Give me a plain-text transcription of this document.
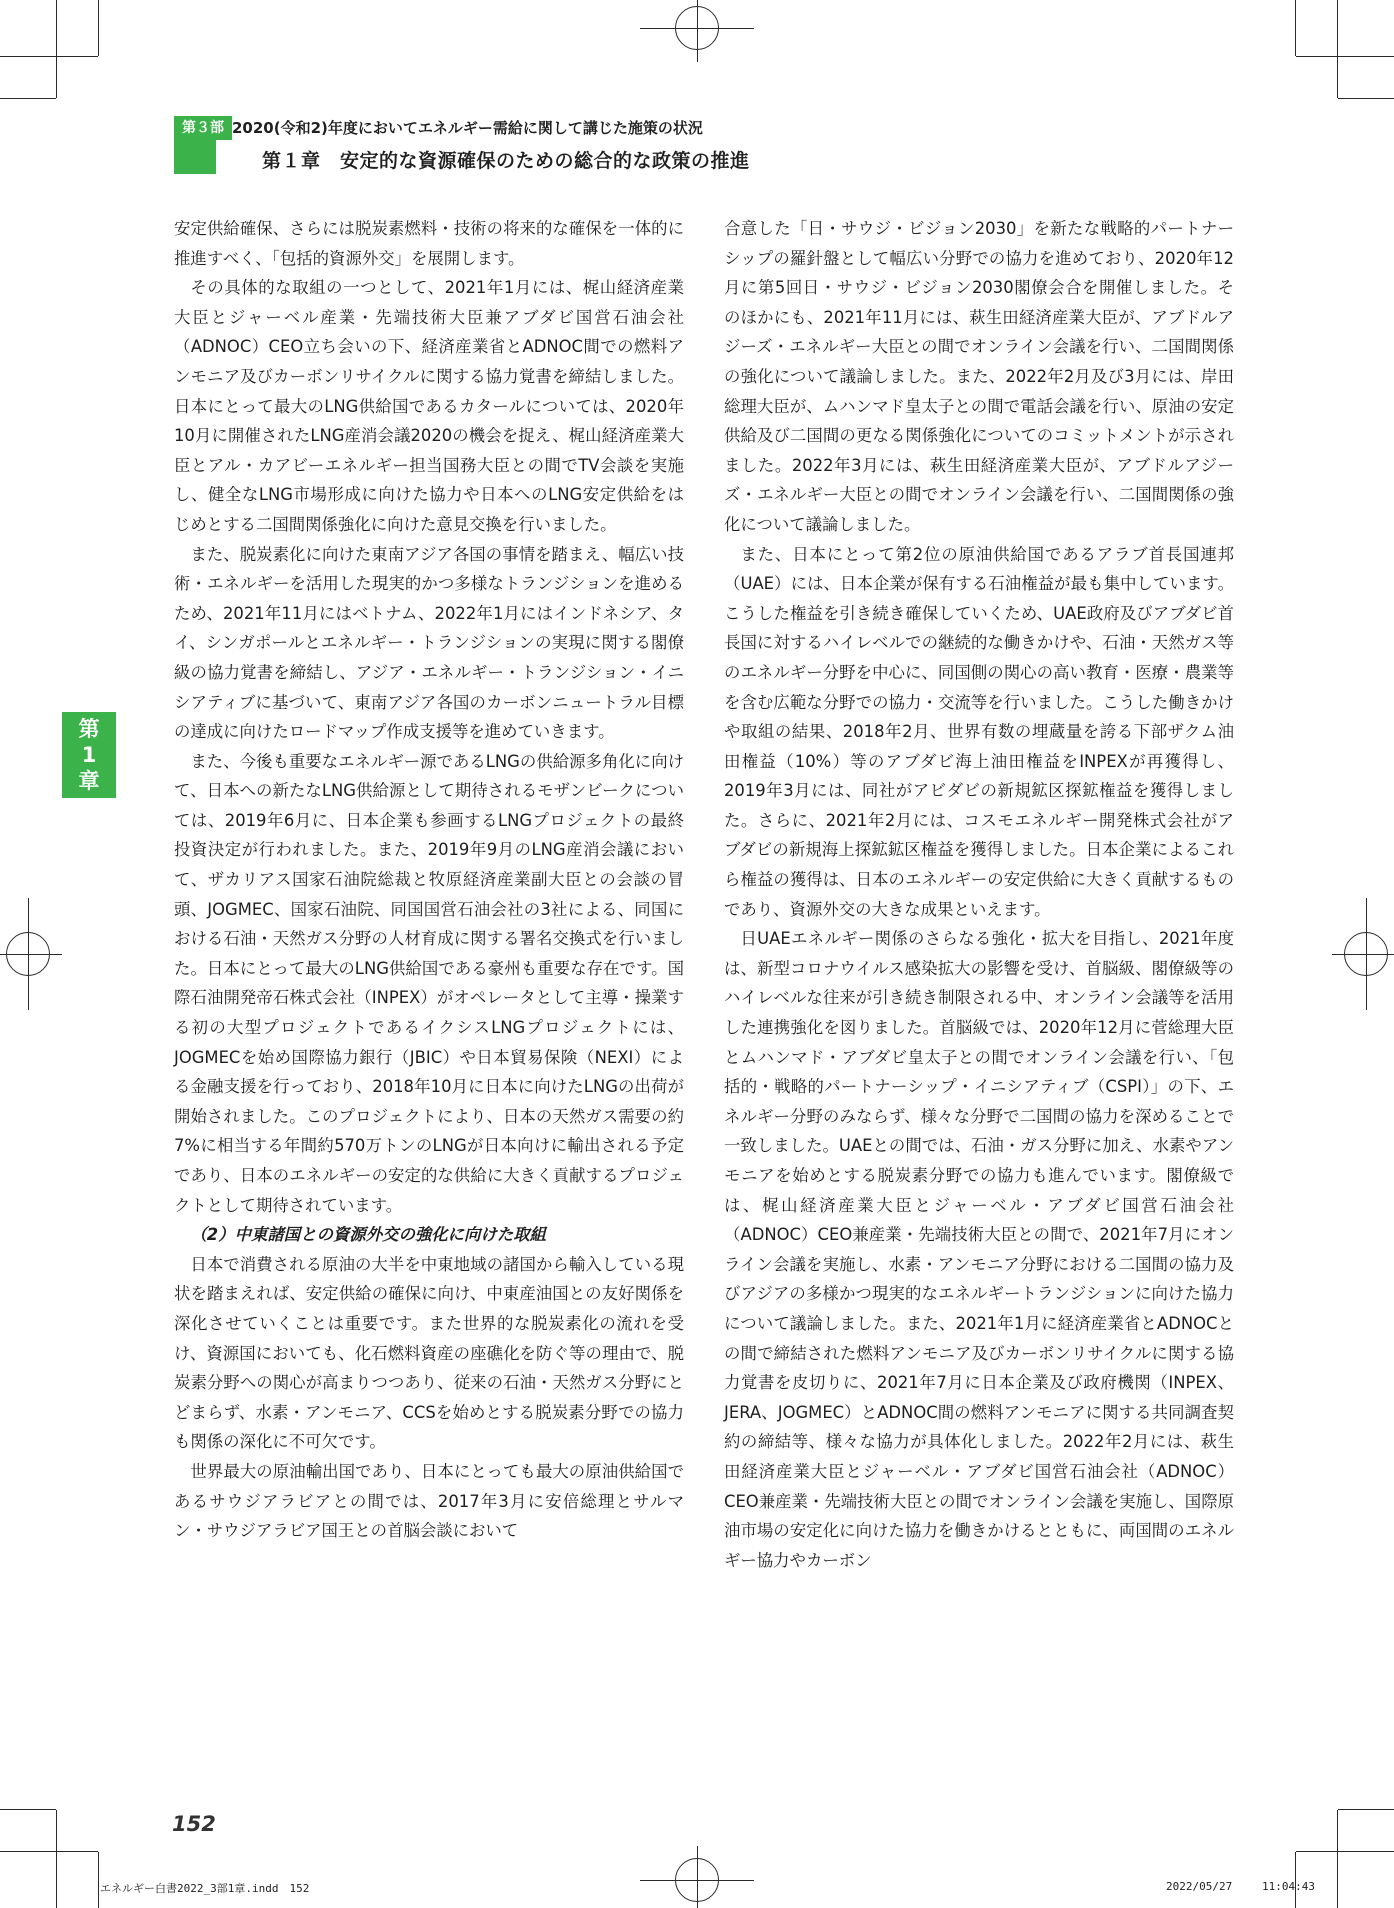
第３部 2020(令和2)年度においてエネルギー需給に関して講じた施策の状況
第１章　安定的な資源確保のための総合的な政策の推進
第
1
章

安定供給確保、さらには脱炭素燃料・技術の将来的な確保を一体的に推進すべく、「包括的資源外交」を展開します。

その具体的な取組の一つとして、2021年1月には、梶山経済産業大臣とジャーベル産業・先端技術大臣兼アブダビ国営石油会社（ADNOC）CEO立ち会いの下、経済産業省とADNOC間での燃料アンモニア及びカーボンリサイクルに関する協力覚書を締結しました。日本にとって最大のLNG供給国であるカタールについては、2020年10月に開催されたLNG産消会議2020の機会を捉え、梶山経済産業大臣とアル・カアビーエネルギー担当国務大臣との間でTV会談を実施し、健全なLNG市場形成に向けた協力や日本へのLNG安定供給をはじめとする二国間関係強化に向けた意見交換を行いました。

また、脱炭素化に向けた東南アジア各国の事情を踏まえ、幅広い技術・エネルギーを活用した現実的かつ多様なトランジションを進めるため、2021年11月にはベトナム、2022年1月にはインドネシア、タイ、シンガポールとエネルギー・トランジションの実現に関する閣僚級の協力覚書を締結し、アジア・エネルギー・トランジション・イニシアティブに基づいて、東南アジア各国のカーボンニュートラル目標の達成に向けたロードマップ作成支援等を進めていきます。

また、今後も重要なエネルギー源であるLNGの供給源多角化に向けて、日本への新たなLNG供給源として期待されるモザンビークについては、2019年6月に、日本企業も参画するLNGプロジェクトの最終投資決定が行われました。また、2019年9月のLNG産消会議において、ザカリアス国家石油院総裁と牧原経済産業副大臣との会談の冒頭、JOGMEC、国家石油院、同国国営石油会社の3社による、同国における石油・天然ガス分野の人材育成に関する署名交換式を行いました。日本にとって最大のLNG供給国である豪州も重要な存在です。国際石油開発帝石株式会社（INPEX）がオペレータとして主導・操業する初の大型プロジェクトであるイクシスLNGプロジェクトには、JOGMECを始め国際協力銀行（JBIC）や日本貿易保険（NEXI）による金融支援を行っており、2018年10月に日本に向けたLNGの出荷が開始されました。このプロジェクトにより、日本の天然ガス需要の約7%に相当する年間約570万トンのLNGが日本向けに輸出される予定であり、日本のエネルギーの安定的な供給に大きく貢献するプロジェクトとして期待されています。

（2）中東諸国との資源外交の強化に向けた取組

日本で消費される原油の大半を中東地域の諸国から輸入している現状を踏まえれば、安定供給の確保に向け、中東産油国との友好関係を深化させていくことは重要です。また世界的な脱炭素化の流れを受け、資源国においても、化石燃料資産の座礁化を防ぐ等の理由で、脱炭素分野への関心が高まりつつあり、従来の石油・天然ガス分野にとどまらず、水素・アンモニア、CCSを始めとする脱炭素分野での協力も関係の深化に不可欠です。

世界最大の原油輸出国であり、日本にとっても最大の原油供給国であるサウジアラビアとの間では、2017年3月に安倍総理とサルマン・サウジアラビア国王との首脳会談において

合意した「日・サウジ・ビジョン2030」を新たな戦略的パートナーシップの羅針盤として幅広い分野での協力を進めており、2020年12月に第5回日・サウジ・ビジョン2030閣僚会合を開催しました。そのほかにも、2021年11月には、萩生田経済産業大臣が、アブドルアジーズ・エネルギー大臣との間でオンライン会議を行い、二国間関係の強化について議論しました。また、2022年2月及び3月には、岸田総理大臣が、ムハンマド皇太子との間で電話会議を行い、原油の安定供給及び二国間の更なる関係強化についてのコミットメントが示されました。2022年3月には、萩生田経済産業大臣が、アブドルアジーズ・エネルギー大臣との間でオンライン会議を行い、二国間関係の強化について議論しました。

また、日本にとって第2位の原油供給国であるアラブ首長国連邦（UAE）には、日本企業が保有する石油権益が最も集中しています。こうした権益を引き続き確保していくため、UAE政府及びアブダビ首長国に対するハイレベルでの継続的な働きかけや、石油・天然ガス等のエネルギー分野を中心に、同国側の関心の高い教育・医療・農業等を含む広範な分野での協力・交流等を行いました。こうした働きかけや取組の結果、2018年2月、世界有数の埋蔵量を誇る下部ザクム油田権益（10%）等のアブダビ海上油田権益をINPEXが再獲得し、2019年3月には、同社がアビダビの新規鉱区探鉱権益を獲得しました。さらに、2021年2月には、コスモエネルギー開発株式会社がアブダビの新規海上探鉱鉱区権益を獲得しました。日本企業によるこれら権益の獲得は、日本のエネルギーの安定供給に大きく貢献するものであり、資源外交の大きな成果といえます。

日UAEエネルギー関係のさらなる強化・拡大を目指し、2021年度は、新型コロナウイルス感染拡大の影響を受け、首脳級、閣僚級等のハイレベルな往来が引き続き制限される中、オンライン会議等を活用した連携強化を図りました。首脳級では、2020年12月に菅総理大臣とムハンマド・アブダビ皇太子との間でオンライン会議を行い、「包括的・戦略的パートナーシップ・イニシアティブ（CSPI）」の下、エネルギー分野のみならず、様々な分野で二国間の協力を深めることで一致しました。UAEとの間では、石油・ガス分野に加え、水素やアンモニアを始めとする脱炭素分野での協力も進んでいます。閣僚級では、梶山経済産業大臣とジャーベル・アブダビ国営石油会社（ADNOC）CEO兼産業・先端技術大臣との間で、2021年7月にオンライン会議を実施し、水素・アンモニア分野における二国間の協力及びアジアの多様かつ現実的なエネルギートランジションに向けた協力について議論しました。また、2021年1月に経済産業省とADNOCとの間で締結された燃料アンモニア及びカーボンリサイクルに関する協力覚書を皮切りに、2021年7月に日本企業及び政府機関（INPEX、JERA、JOGMEC）とADNOC間の燃料アンモニアに関する共同調査契約の締結等、様々な協力が具体化しました。2022年2月には、萩生田経済産業大臣とジャーベル・アブダビ国営石油会社（ADNOC）CEO兼産業・先端技術大臣との間でオンライン会議を実施し、国際原油市場の安定化に向けた協力を働きかけるとともに、両国間のエネルギー協力やカーボン

152
エネルギー白書2022_3部1章.indd　152	2022/05/27	11:04:43
